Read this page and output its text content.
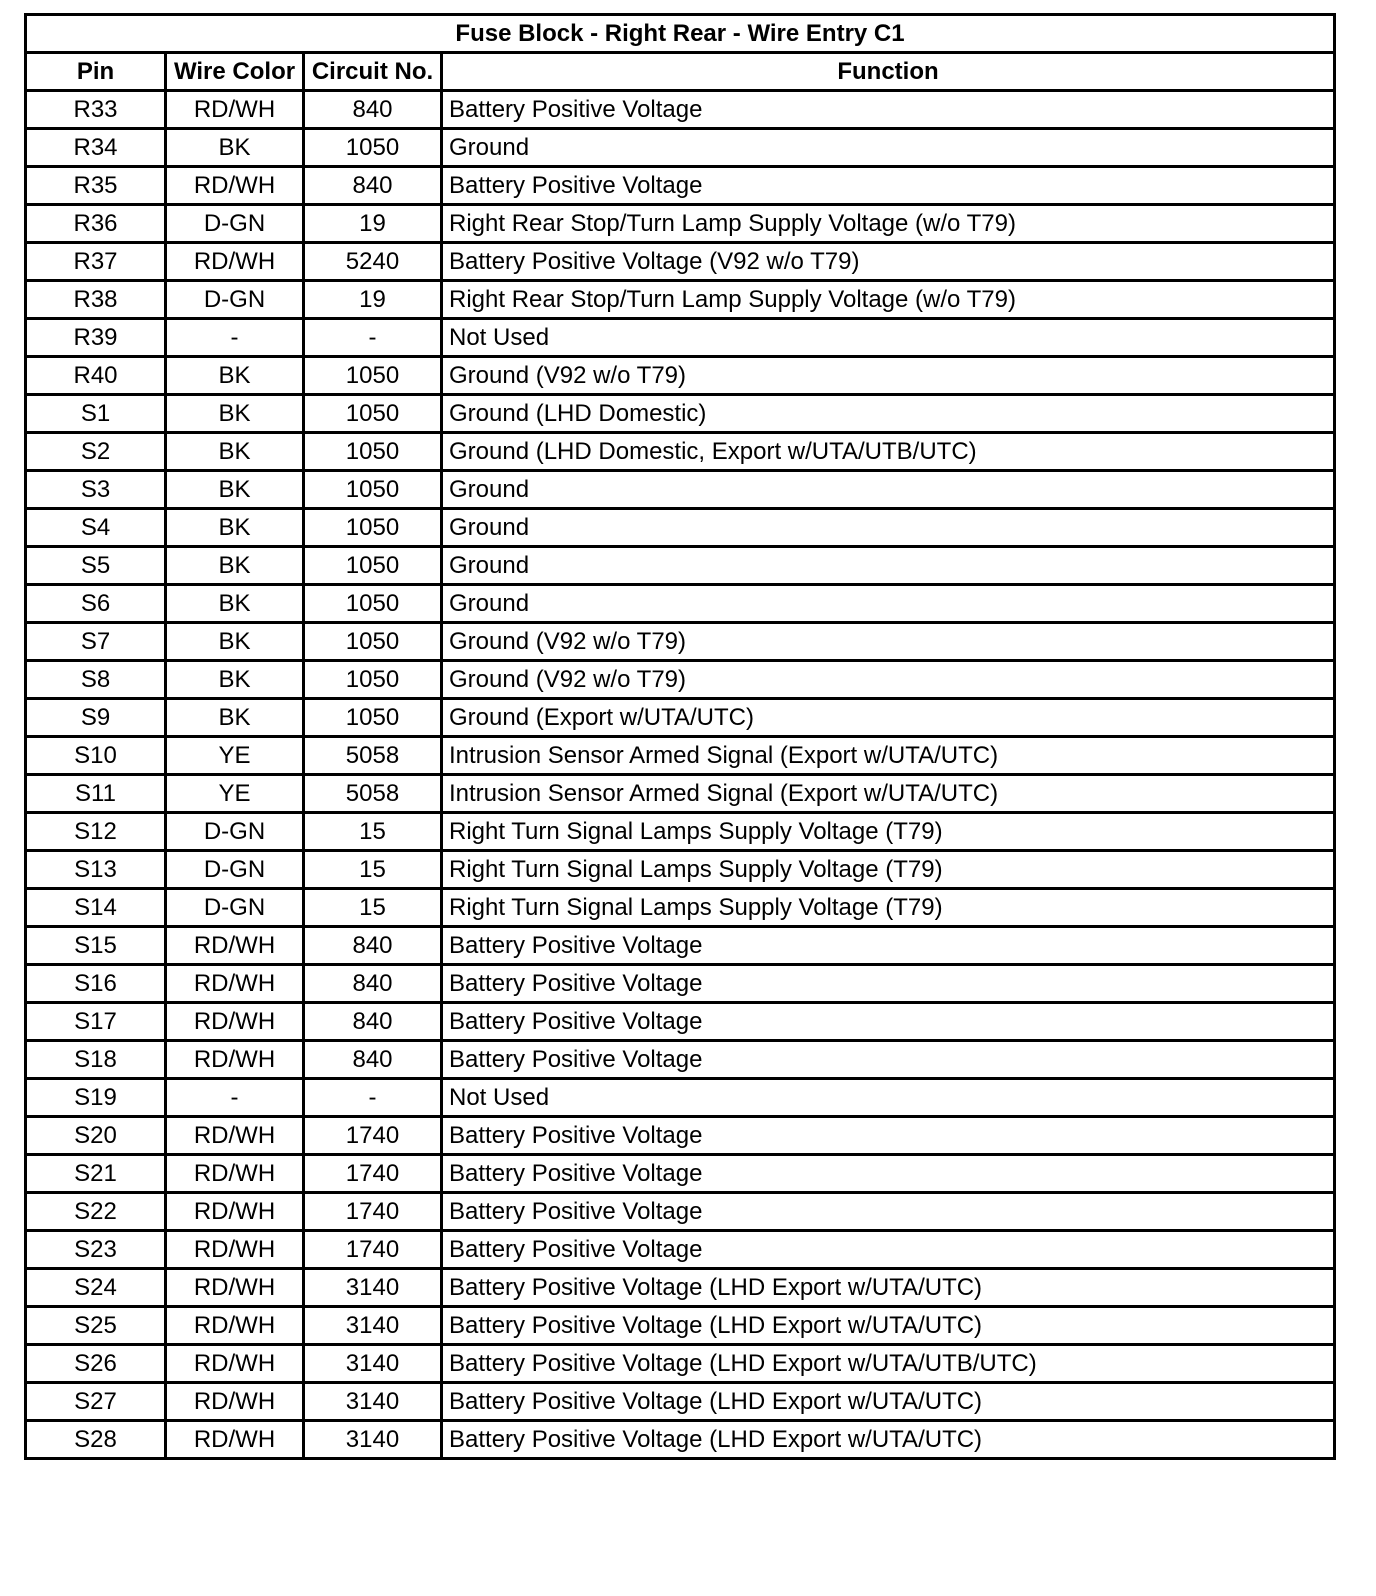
Fuse Block - Right Rear - Wire Entry C1			
Pin	Wire Color	Circuit No.	Function
R33	RD/WH	840	Battery Positive Voltage
R34	BK	1050	Ground
R35	RD/WH	840	Battery Positive Voltage
R36	D-GN	19	Right Rear Stop/Turn Lamp Supply Voltage (w/o T79)
R37	RD/WH	5240	Battery Positive Voltage (V92 w/o T79)
R38	D-GN	19	Right Rear Stop/Turn Lamp Supply Voltage (w/o T79)
R39	-	-	Not Used
R40	BK	1050	Ground (V92 w/o T79)
S1	BK	1050	Ground (LHD Domestic)
S2	BK	1050	Ground (LHD Domestic, Export w/UTA/UTB/UTC)
S3	BK	1050	Ground
S4	BK	1050	Ground
S5	BK	1050	Ground
S6	BK	1050	Ground
S7	BK	1050	Ground (V92 w/o T79)
S8	BK	1050	Ground (V92 w/o T79)
S9	BK	1050	Ground (Export w/UTA/UTC)
S10	YE	5058	Intrusion Sensor Armed Signal (Export w/UTA/UTC)
S11	YE	5058	Intrusion Sensor Armed Signal (Export w/UTA/UTC)
S12	D-GN	15	Right Turn Signal Lamps Supply Voltage (T79)
S13	D-GN	15	Right Turn Signal Lamps Supply Voltage (T79)
S14	D-GN	15	Right Turn Signal Lamps Supply Voltage (T79)
S15	RD/WH	840	Battery Positive Voltage
S16	RD/WH	840	Battery Positive Voltage
S17	RD/WH	840	Battery Positive Voltage
S18	RD/WH	840	Battery Positive Voltage
S19	-	-	Not Used
S20	RD/WH	1740	Battery Positive Voltage
S21	RD/WH	1740	Battery Positive Voltage
S22	RD/WH	1740	Battery Positive Voltage
S23	RD/WH	1740	Battery Positive Voltage
S24	RD/WH	3140	Battery Positive Voltage (LHD Export w/UTA/UTC)
S25	RD/WH	3140	Battery Positive Voltage (LHD Export w/UTA/UTC)
S26	RD/WH	3140	Battery Positive Voltage (LHD Export w/UTA/UTB/UTC)
S27	RD/WH	3140	Battery Positive Voltage (LHD Export w/UTA/UTC)
S28	RD/WH	3140	Battery Positive Voltage (LHD Export w/UTA/UTC)
